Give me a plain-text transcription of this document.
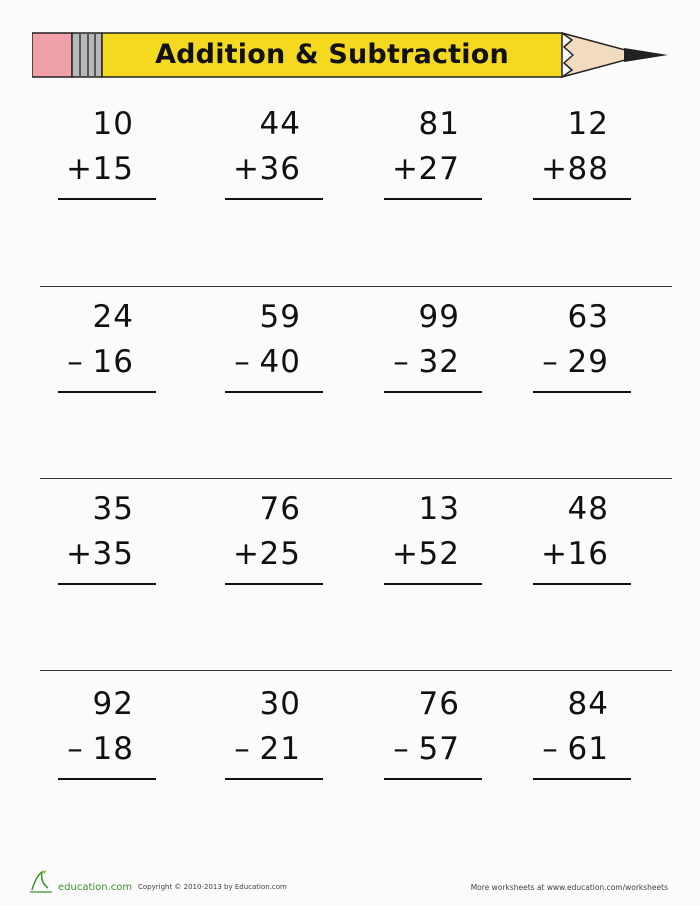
Addition & Subtraction
10
+ 15
44
+ 36
81
+ 27
12
+ 88
24
– 16
59
– 40
99
– 32
63
– 29
35
+ 35
76
+ 25
13
+ 52
48
+ 16
92
– 18
30
– 21
76
– 57
84
– 61
education.com Copyright © 2010-2013 by Education.com	More worksheets at www.education.com/worksheets
